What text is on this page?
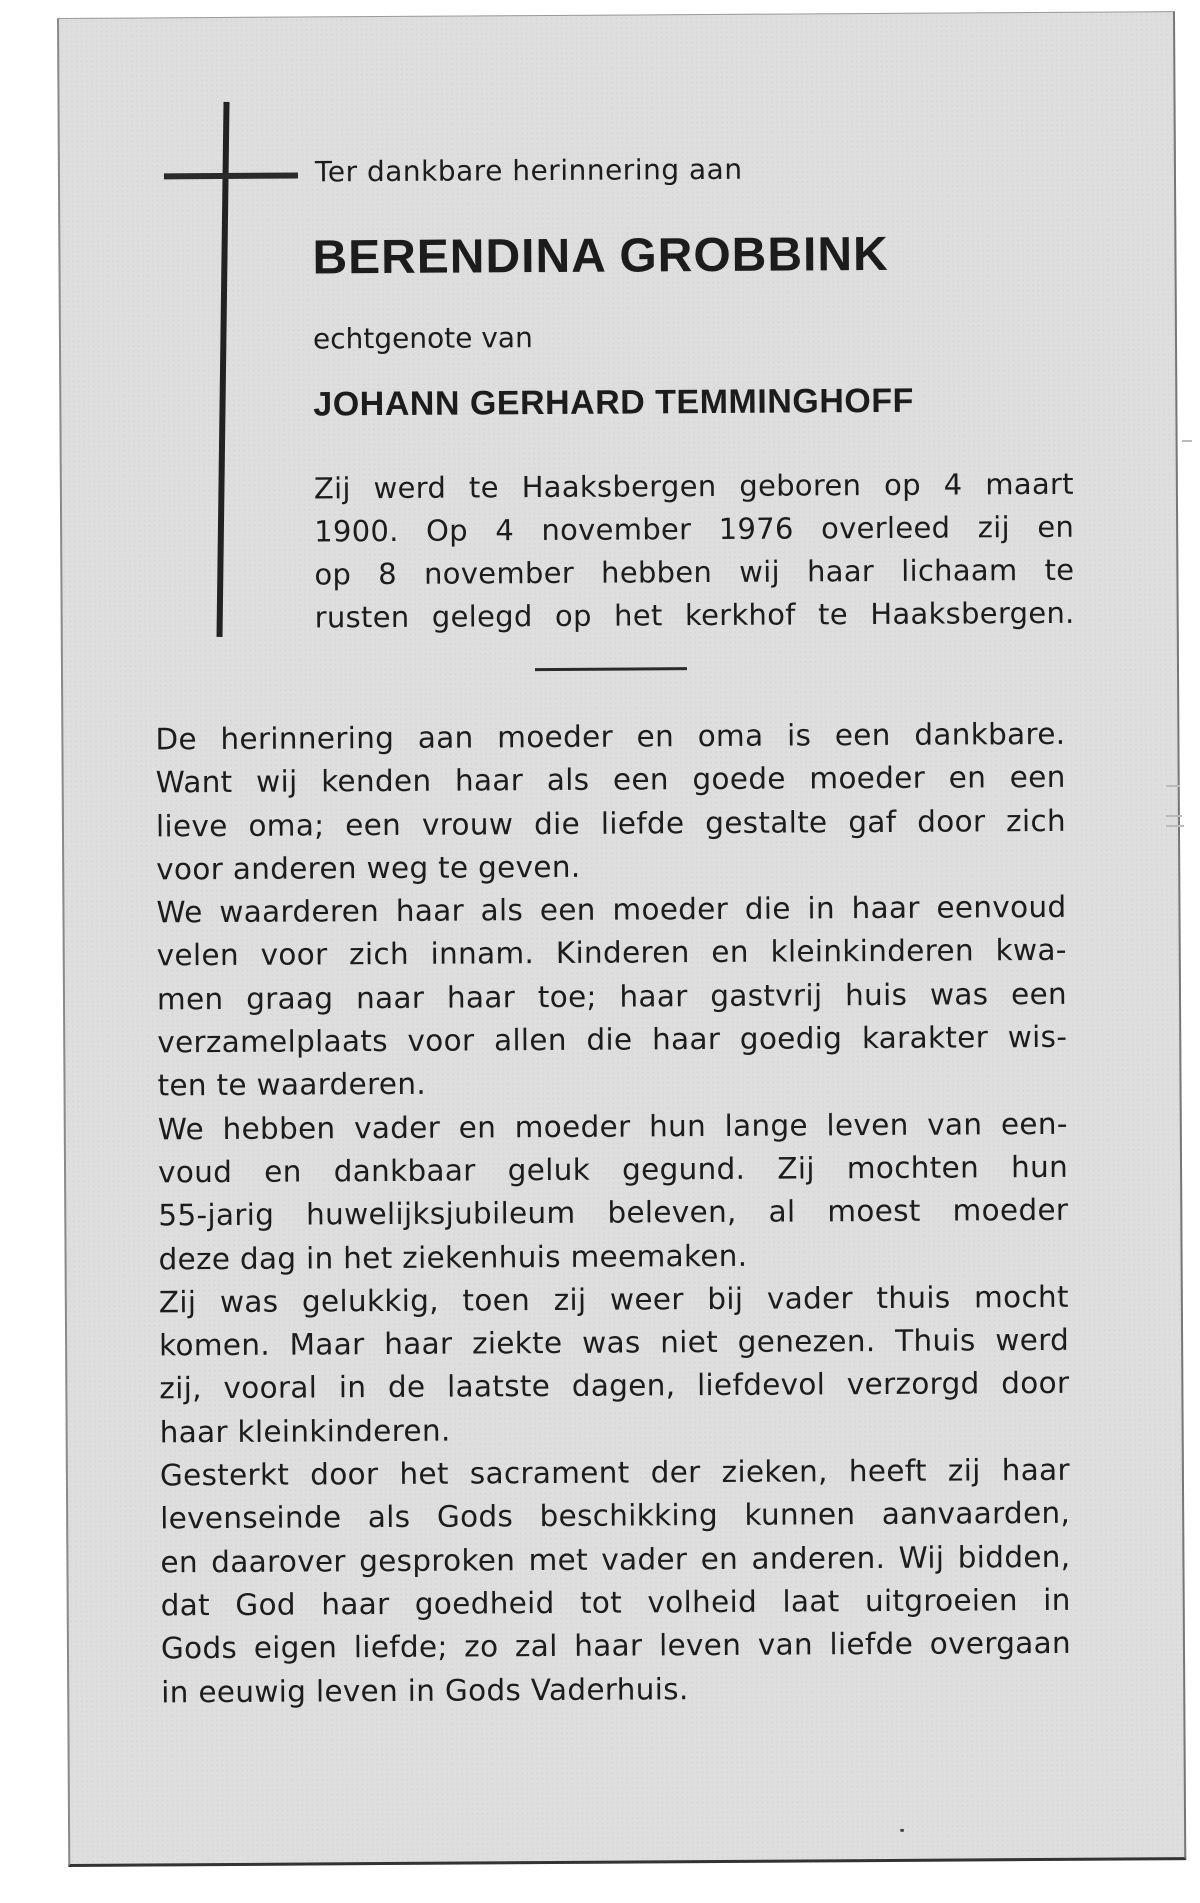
Ter dankbare herinnering aan
BERENDINA GROBBINK
echtgenote van
JOHANN GERHARD TEMMINGHOFF
Zij werd te Haaksbergen geboren op 4 maart
1900. Op 4 november 1976 overleed zij en
op 8 november hebben wij haar lichaam te
rusten gelegd op het kerkhof te Haaksbergen.
De herinnering aan moeder en oma is een dankbare.
Want wij kenden haar als een goede moeder en een
lieve oma; een vrouw die liefde gestalte gaf door zich
voor anderen weg te geven.
We waarderen haar als een moeder die in haar eenvoud
velen voor zich innam. Kinderen en kleinkinderen kwa-
men graag naar haar toe; haar gastvrij huis was een
verzamelplaats voor allen die haar goedig karakter wis-
ten te waarderen.
We hebben vader en moeder hun lange leven van een-
voud en dankbaar geluk gegund. Zij mochten hun
55-jarig huwelijksjubileum beleven, al moest moeder
deze dag in het ziekenhuis meemaken.
Zij was gelukkig, toen zij weer bij vader thuis mocht
komen. Maar haar ziekte was niet genezen. Thuis werd
zij, vooral in de laatste dagen, liefdevol verzorgd door
haar kleinkinderen.
Gesterkt door het sacrament der zieken, heeft zij haar
levenseinde als Gods beschikking kunnen aanvaarden,
en daarover gesproken met vader en anderen. Wij bidden,
dat God haar goedheid tot volheid laat uitgroeien in
Gods eigen liefde; zo zal haar leven van liefde overgaan
in eeuwig leven in Gods Vaderhuis.
